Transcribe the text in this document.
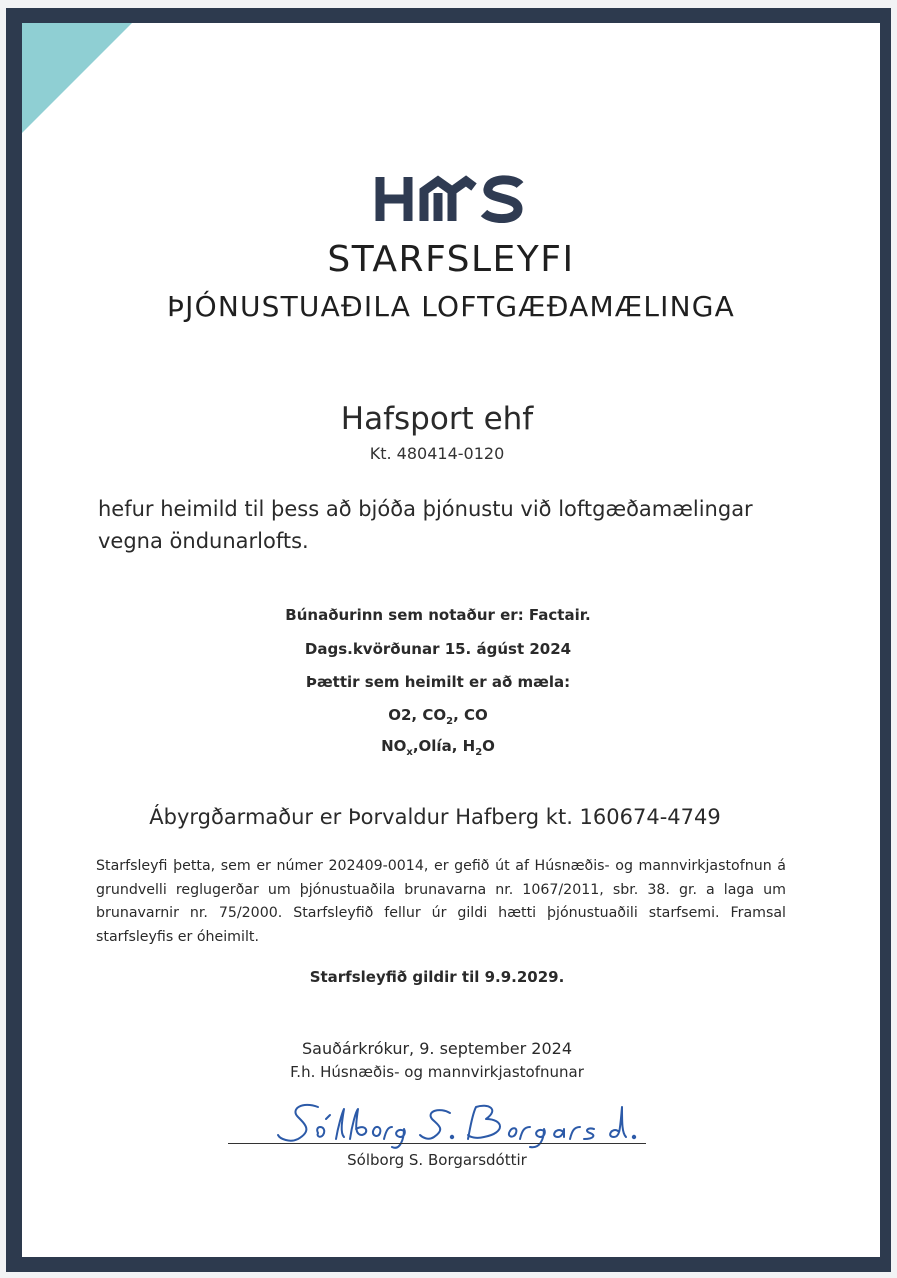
STARFSLEYFI
ÞJÓNUSTUAÐILA LOFTGÆÐAMÆLINGA
Hafsport ehf
Kt. 480414-0120
hefur heimild til þess að bjóða þjónustu við loftgæðamælingar vegna öndunarlofts.
Búnaðurinn sem notaður er: Factair.
Dags.kvörðunar 15. ágúst 2024
Þættir sem heimilt er að mæla:
O2, $CO_2$, CO
$NO_x,Olía$, $H_2O$
Ábyrgðarmaður er Þorvaldur Hafberg kt. 160674-4749
Starfsleyfi þetta, sem er númer 202409-0014, er gefið út af Húsnæðis- og mannvirkjastofnun á grundvelli reglugerðar um þjónustuaðila brunavarna nr. 1067/2011, sbr. 38. gr. a laga um brunavarnir nr. 75/2000. Starfsleyfið fellur úr gildi hætti þjónustuaðili starfsemi. Framsal starfsleyfis er óheimilt.
Starfsleyfið gildir til 9.9.2029.
Sauðárkrókur, 9. september 2024
F.h. Húsnæðis- og mannvirkjastofnunar
Sólborg S. Borgarsdóttir
